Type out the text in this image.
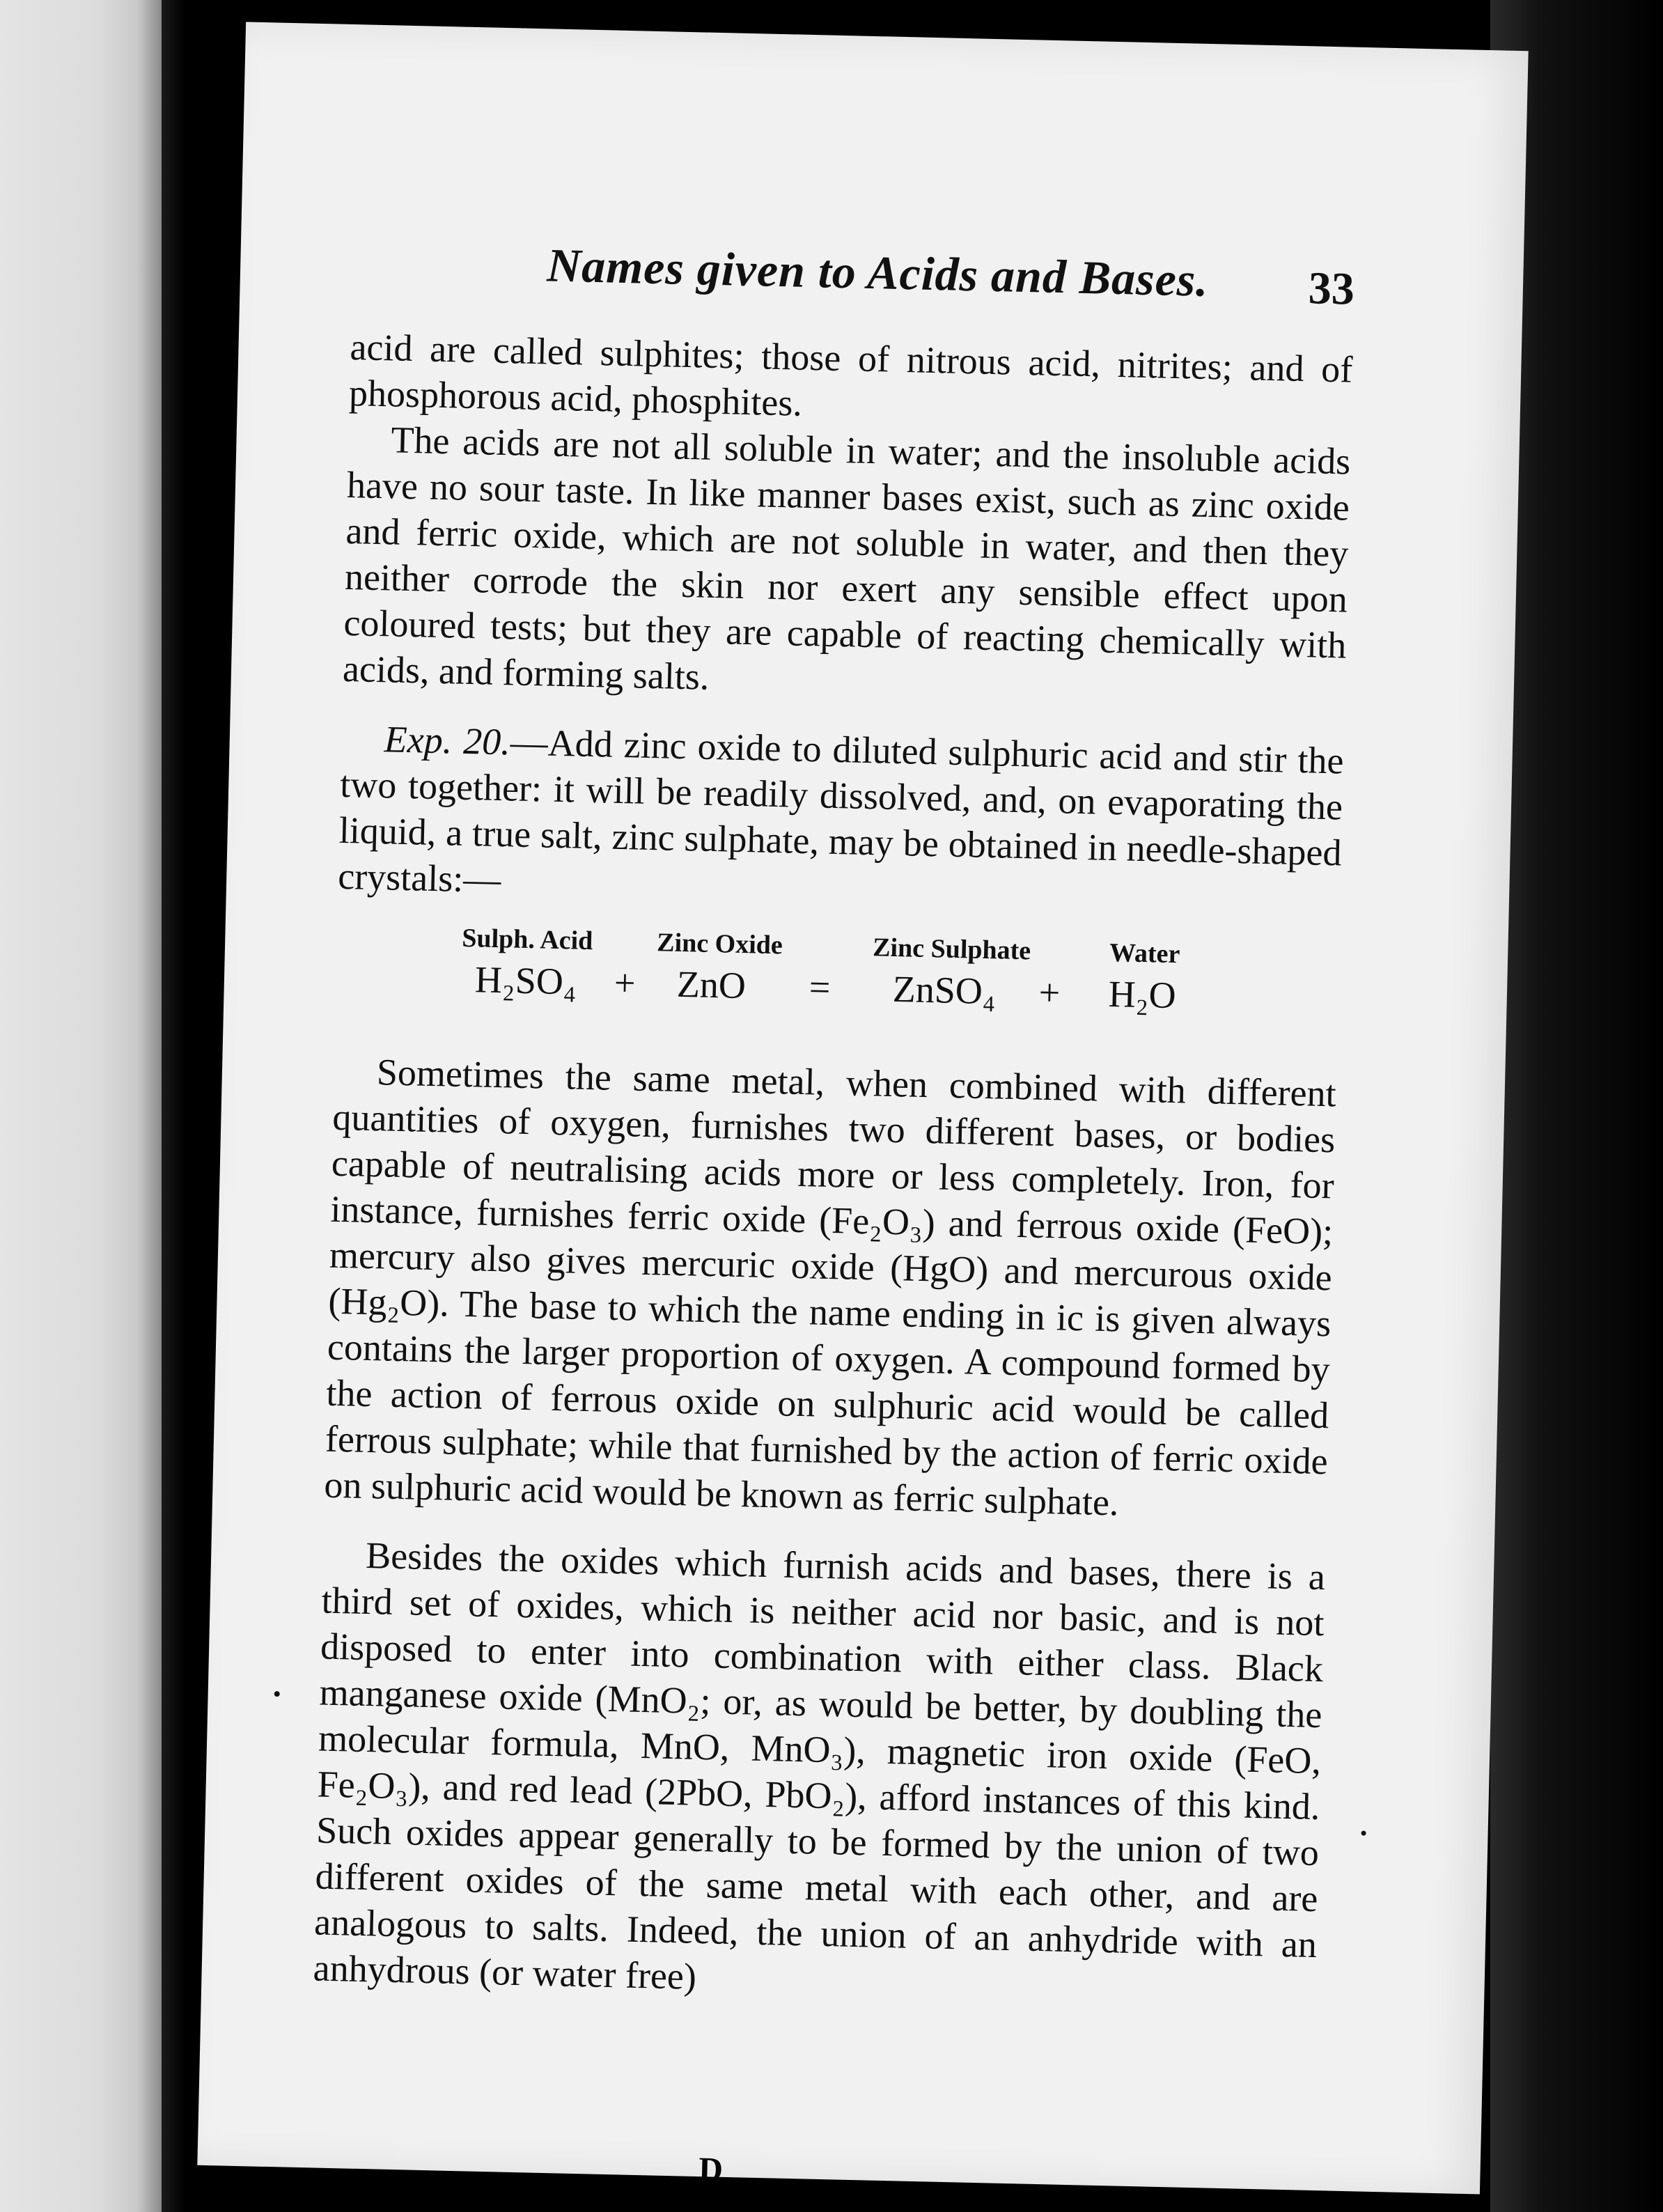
Names given to Acids and Bases. 33

acid are called sulphites; those of nitrous acid, nitrites; and of phosphorous acid, phosphites.

The acids are not all soluble in water; and the insoluble acids have no sour taste. In like manner bases exist, such as zinc oxide and ferric oxide, which are not soluble in water, and then they neither corrode the skin nor exert any sensible effect upon coloured tests; but they are capable of reacting chemically with acids, and forming salts.

Exp. 20.—Add zinc oxide to diluted sulphuric acid and stir the two together: it will be readily dissolved, and, on evaporating the liquid, a true salt, zinc sulphate, may be obtained in needle-shaped crystals:—

Sulph. Acid Zinc Oxide	Zinc Sulphate	Water
H₂SO₄ + ZnO = ZnSO₄ + H₂O

Sometimes the same metal, when combined with different quantities of oxygen, furnishes two different bases, or bodies capable of neutralising acids more or less completely. Iron, for instance, furnishes ferric oxide (Fe₂O₃) and ferrous oxide (FeO); mercury also gives mercuric oxide (HgO) and mercurous oxide (Hg₂O). The base to which the name ending in ic is given always contains the larger proportion of oxygen. A compound formed by the action of ferrous oxide on sulphuric acid would be called ferrous sulphate; while that furnished by the action of ferric oxide on sulphuric acid would be known as ferric sulphate.

Besides the oxides which furnish acids and bases, there is a third set of oxides, which is neither acid nor basic, and is not disposed to enter into combination with either class. Black manganese oxide (MnO₂; or, as would be better, by doubling the molecular formula, MnO, MnO₃), magnetic iron oxide (FeO, Fe₂O₃), and red lead (2PbO, PbO₂), afford instances of this kind. Such oxides appear generally to be formed by the union of two different oxides of the same metal with each other, and are analogous to salts. Indeed, the union of an anhydride with an anhydrous (or water free)

D
